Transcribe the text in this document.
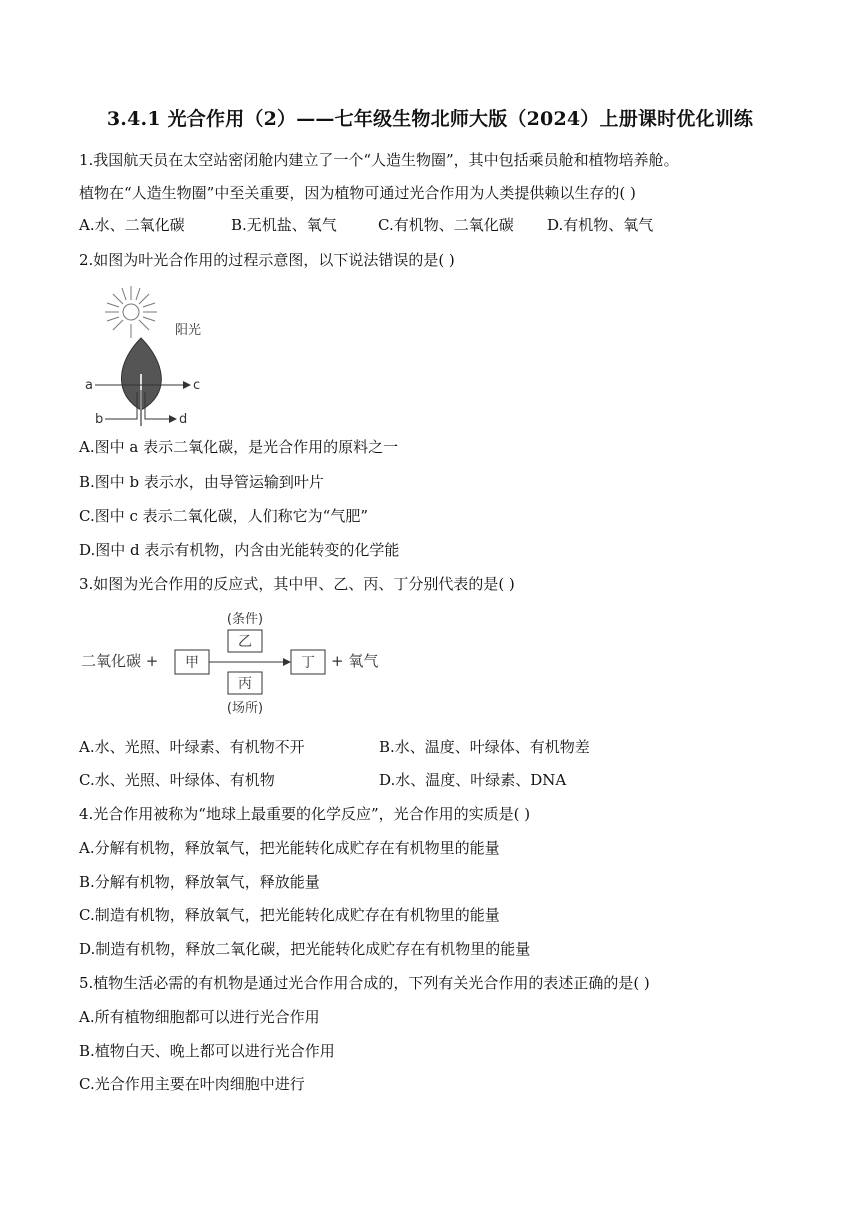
3.4.1 光合作用（2）——七年级生物北师大版（2024）上册课时优化训练
1.我国航天员在太空站密闭舱内建立了一个“人造生物圈”，其中包括乘员舱和植物培养舱。
植物在“人造生物圈”中至关重要，因为植物可通过光合作用为人类提供赖以生存的( )
A.水、二氧化碳	B.无机盐、氧气	C.有机物、二氧化碳	D.有机物、氧气
2.如图为叶光合作用的过程示意图，以下说法错误的是( )
阳光
a	c
b	d
A.图中 a 表示二氧化碳，是光合作用的原料之一
B.图中 b 表示水，由导管运输到叶片
C.图中 c 表示二氧化碳，人们称它为“气肥”
D.图中 d 表示有机物，内含由光能转变的化学能
3.如图为光合作用的反应式，其中甲、乙、丙、丁分别代表的是( )
二氧化碳 + 甲
(条件)
乙
丙
(场所)
丁 + 氧气
A.水、光照、叶绿素、有机物不开	B.水、温度、叶绿体、有机物差
C.水、光照、叶绿体、有机物	D.水、温度、叶绿素、DNA
4.光合作用被称为“地球上最重要的化学反应”，光合作用的实质是( )
A.分解有机物，释放氧气，把光能转化成贮存在有机物里的能量
B.分解有机物，释放氧气，释放能量
C.制造有机物，释放氧气，把光能转化成贮存在有机物里的能量
D.制造有机物，释放二氧化碳，把光能转化成贮存在有机物里的能量
5.植物生活必需的有机物是通过光合作用合成的，下列有关光合作用的表述正确的是( )
A.所有植物细胞都可以进行光合作用
B.植物白天、晚上都可以进行光合作用
C.光合作用主要在叶肉细胞中进行
